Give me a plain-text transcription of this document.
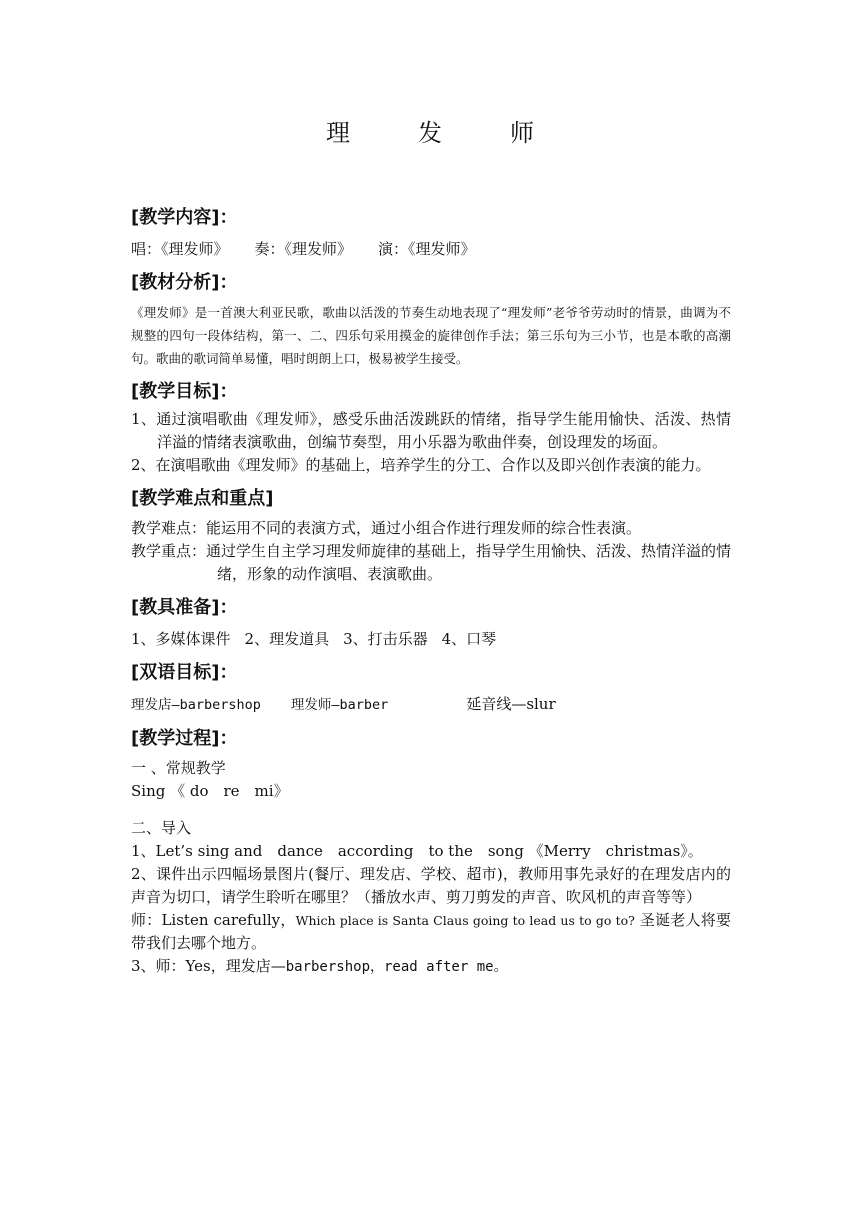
理　发　师
[教学内容]：
唱：《理发师》 奏：《理发师》 演：《理发师》
[教材分析]：
《理发师》是一首澳大利亚民歌，歌曲以活泼的节奏生动地表现了“理发师”老爷爷劳动时的情景，曲调为不规整的四句一段体结构，第一、二、四乐句采用摸金的旋律创作手法；第三乐句为三小节，也是本歌的高潮句。歌曲的歌词简单易懂，唱时朗朗上口，极易被学生接受。
[教学目标]：
1、通过演唱歌曲《理发师》，感受乐曲活泼跳跃的情绪，指导学生能用愉快、活泼、热情洋溢的情绪表演歌曲，创编节奏型，用小乐器为歌曲伴奏，创设理发的场面。
2、在演唱歌曲《理发师》的基础上，培养学生的分工、合作以及即兴创作表演的能力。
[教学难点和重点]
教学难点：能运用不同的表演方式，通过小组合作进行理发师的综合性表演。
教学重点：通过学生自主学习理发师旋律的基础上，指导学生用愉快、活泼、热情洋溢的情绪，形象的动作演唱、表演歌曲。
[教具准备]：
1、多媒体课件 2、理发道具 3、打击乐器 4、口琴
[双语目标]：
理发店—barbershop 理发师—barber	延音线—slur
[教学过程]：
一 、常规教学
Sing 《 do　re　mi》
二、导入
1、Let’s sing and　dance　according　to the　song 《Merry　christmas》。
2、课件出示四幅场景图片(餐厅、理发店、学校、超市)，教师用事先录好的在理发店内的声音为切口，请学生聆听在哪里？（播放水声、剪刀剪发的声音、吹风机的声音等等）
师：Listen carefully，Which place is Santa Claus going to lead us to go to? 圣诞老人将要带我们去哪个地方。
3、师：Yes，理发店—barbershop，read after me。
